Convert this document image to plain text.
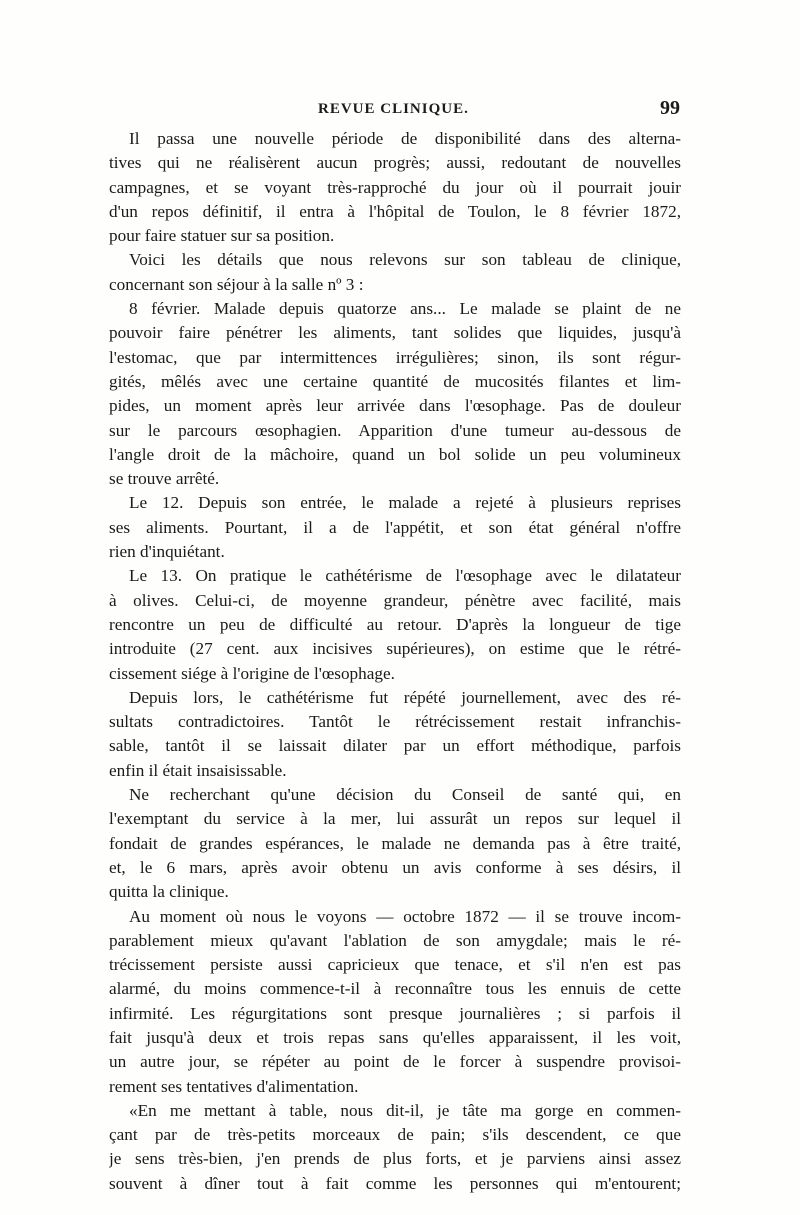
REVUE CLINIQUE.	99
Il passa une nouvelle période de disponibilité dans des alterna-
tives qui ne réalisèrent aucun progrès; aussi, redoutant de nouvelles
campagnes, et se voyant très-rapproché du jour où il pourrait jouir
d'un repos définitif, il entra à l'hôpital de Toulon, le 8 février 1872,
pour faire statuer sur sa position.
Voici les détails que nous relevons sur son tableau de clinique,
concernant son séjour à la salle nº 3 :
8 février. Malade depuis quatorze ans... Le malade se plaint de ne
pouvoir faire pénétrer les aliments, tant solides que liquides, jusqu'à
l'estomac, que par intermittences irrégulières; sinon, ils sont régur-
gités, mêlés avec une certaine quantité de mucosités filantes et lim-
pides, un moment après leur arrivée dans l'œsophage. Pas de douleur
sur le parcours œsophagien. Apparition d'une tumeur au-dessous de
l'angle droit de la mâchoire, quand un bol solide un peu volumineux
se trouve arrêté.
Le 12. Depuis son entrée, le malade a rejeté à plusieurs reprises
ses aliments. Pourtant, il a de l'appétit, et son état général n'offre
rien d'inquiétant.
Le 13. On pratique le cathétérisme de l'œsophage avec le dilatateur
à olives. Celui-ci, de moyenne grandeur, pénètre avec facilité, mais
rencontre un peu de difficulté au retour. D'après la longueur de tige
introduite (27 cent. aux incisives supérieures), on estime que le rétré-
cissement siége à l'origine de l'œsophage.
Depuis lors, le cathétérisme fut répété journellement, avec des ré-
sultats contradictoires. Tantôt le rétrécissement restait infranchis-
sable, tantôt il se laissait dilater par un effort méthodique, parfois
enfin il était insaisissable.
Ne recherchant qu'une décision du Conseil de santé qui, en
l'exemptant du service à la mer, lui assurât un repos sur lequel il
fondait de grandes espérances, le malade ne demanda pas à être traité,
et, le 6 mars, après avoir obtenu un avis conforme à ses désirs, il
quitta la clinique.
Au moment où nous le voyons — octobre 1872 — il se trouve incom-
parablement mieux qu'avant l'ablation de son amygdale; mais le ré-
trécissement persiste aussi capricieux que tenace, et s'il n'en est pas
alarmé, du moins commence-t-il à reconnaître tous les ennuis de cette
infirmité. Les régurgitations sont presque journalières ; si parfois il
fait jusqu'à deux et trois repas sans qu'elles apparaissent, il les voit,
un autre jour, se répéter au point de le forcer à suspendre provisoi-
rement ses tentatives d'alimentation.
«En me mettant à table, nous dit-il, je tâte ma gorge en commen-
çant par de très-petits morceaux de pain; s'ils descendent, ce que
je sens très-bien, j'en prends de plus forts, et je parviens ainsi assez
souvent à dîner tout à fait comme les personnes qui m'entourent;
